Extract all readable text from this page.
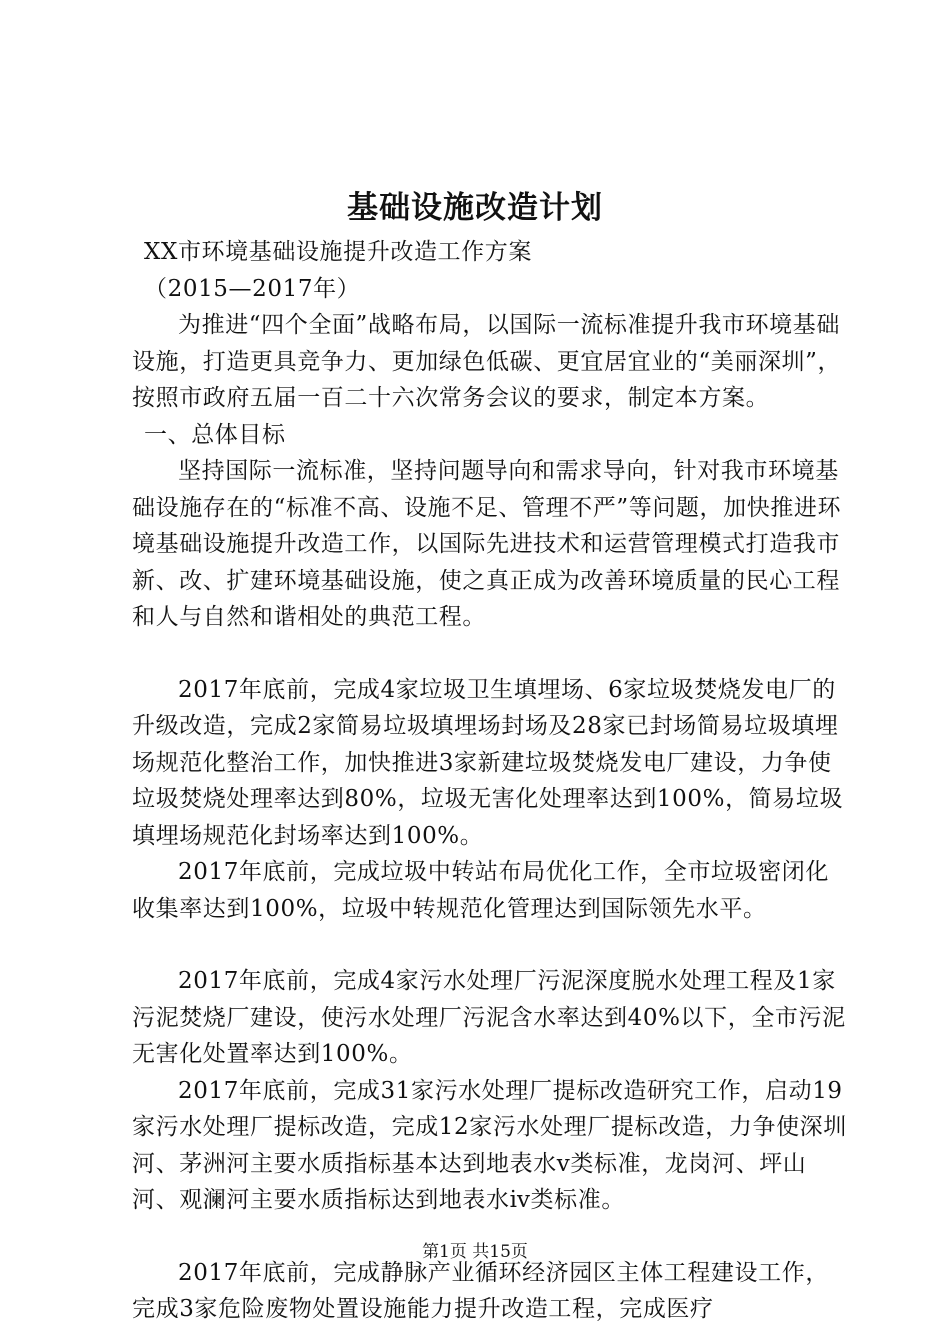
基础设施改造计划

XX市环境基础设施提升改造工作方案

（2015—2017年）

为推进“四个全面”战略布局，以国际一流标准提升我市环境基础设施，打造更具竞争力、更加绿色低碳、更宜居宜业的“美丽深圳”，按照市政府五届一百二十六次常务会议的要求，制定本方案。

一、总体目标

坚持国际一流标准，坚持问题导向和需求导向，针对我市环境基础设施存在的“标准不高、设施不足、管理不严”等问题，加快推进环境基础设施提升改造工作，以国际先进技术和运营管理模式打造我市新、改、扩建环境基础设施，使之真正成为改善环境质量的民心工程和人与自然和谐相处的典范工程。

2017年底前，完成4家垃圾卫生填埋场、6家垃圾焚烧发电厂的升级改造，完成2家简易垃圾填埋场封场及28家已封场简易垃圾填埋场规范化整治工作，加快推进3家新建垃圾焚烧发电厂建设，力争使垃圾焚烧处理率达到80%，垃圾无害化处理率达到100%，简易垃圾填埋场规范化封场率达到100%。

2017年底前，完成垃圾中转站布局优化工作，全市垃圾密闭化收集率达到100%，垃圾中转规范化管理达到国际领先水平。

2017年底前，完成4家污水处理厂污泥深度脱水处理工程及1家污泥焚烧厂建设，使污水处理厂污泥含水率达到40%以下，全市污泥无害化处置率达到100%。

2017年底前，完成31家污水处理厂提标改造研究工作，启动19家污水处理厂提标改造，完成12家污水处理厂提标改造，力争使深圳河、茅洲河主要水质指标基本达到地表水ⅴ类标准，龙岗河、坪山河、观澜河主要水质指标达到地表水ⅳ类标准。

2017年底前，完成静脉产业循环经济园区主体工程建设工作，完成3家危险废物处置设施能力提升改造工程，完成医疗

第1页 共15页
